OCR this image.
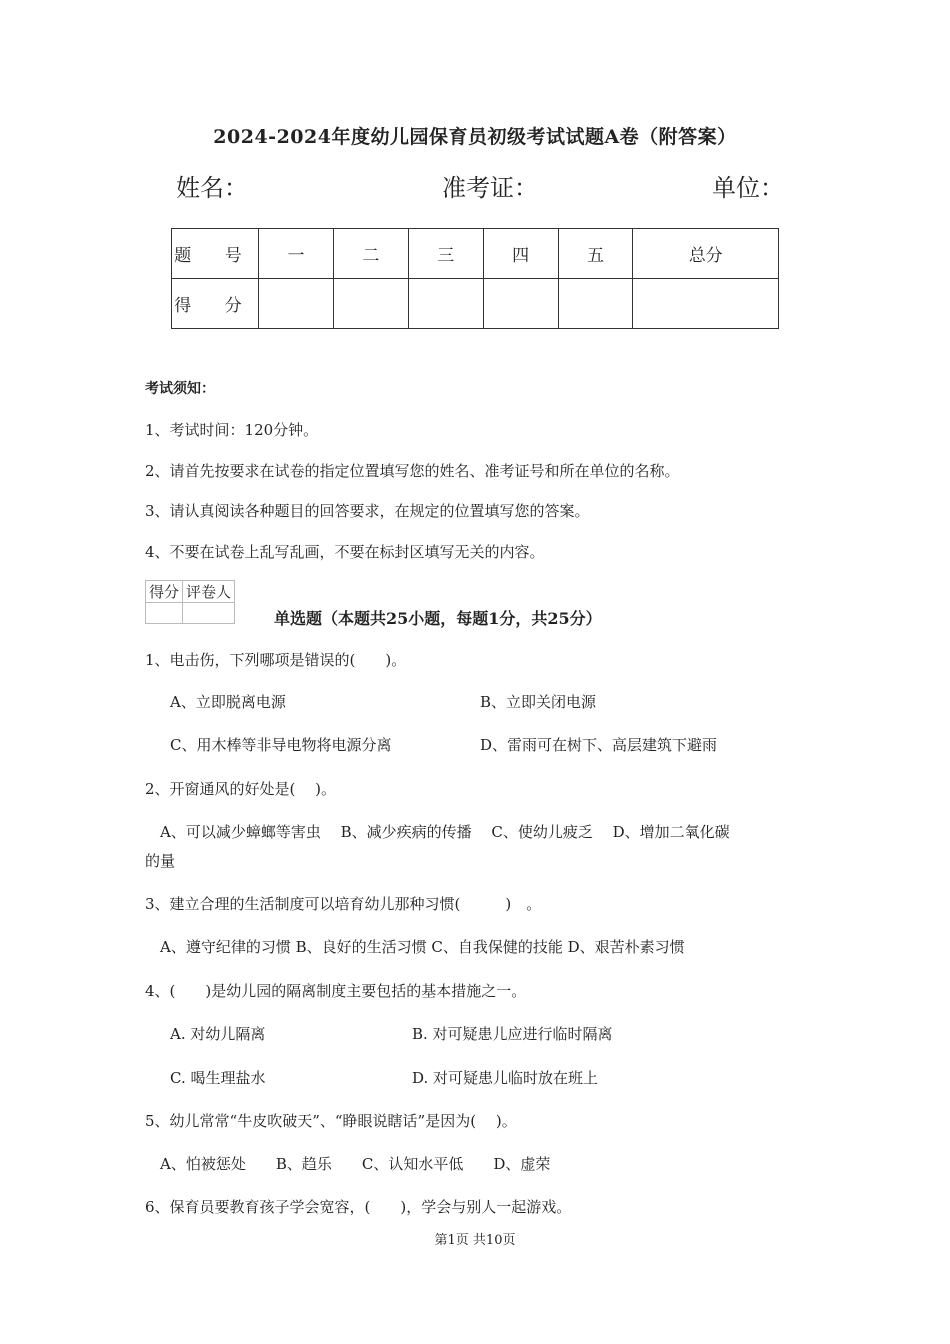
2024-2024年度幼儿园保育员初级考试试题A卷（附答案）
姓名：	准考证：	单位：
题 号	一	二	三	四	五	总分
得 分						
考试须知：
1、考试时间：120分钟。
2、请首先按要求在试卷的指定位置填写您的姓名、准考证号和所在单位的名称。
3、请认真阅读各种题目的回答要求，在规定的位置填写您的答案。
4、不要在试卷上乱写乱画，不要在标封区填写无关的内容。
得分	评卷人

单选题（本题共25小题，每题1分，共25分）
1、电击伤，下列哪项是错误的(　　)。
A、立即脱离电源	B、立即关闭电源
C、用木棒等非导电物将电源分离	D、雷雨可在树下、高层建筑下避雨
2、开窗通风的好处是(　 )。
　A、可以减少蟑螂等害虫　 B、减少疾病的传播　 C、使幼儿疲乏　 D、增加二氧化碳
的量
3、建立合理的生活制度可以培育幼儿那种习惯(　　　)　。
　A、遵守纪律的习惯 B、良好的生活习惯 C、自我保健的技能 D、艰苦朴素习惯
4、(　　)是幼儿园的隔离制度主要包括的基本措施之一。
A. 对幼儿隔离	B. 对可疑患儿应进行临时隔离
C. 喝生理盐水	D. 对可疑患儿临时放在班上
5、幼儿常常“牛皮吹破天”、“睁眼说瞎话”是因为(　 )。
　A、怕被惩处　　B、趋乐　　C、认知水平低　　D、虚荣
6、保育员要教育孩子学会宽容，(　　)，学会与别人一起游戏。
第1页 共10页
